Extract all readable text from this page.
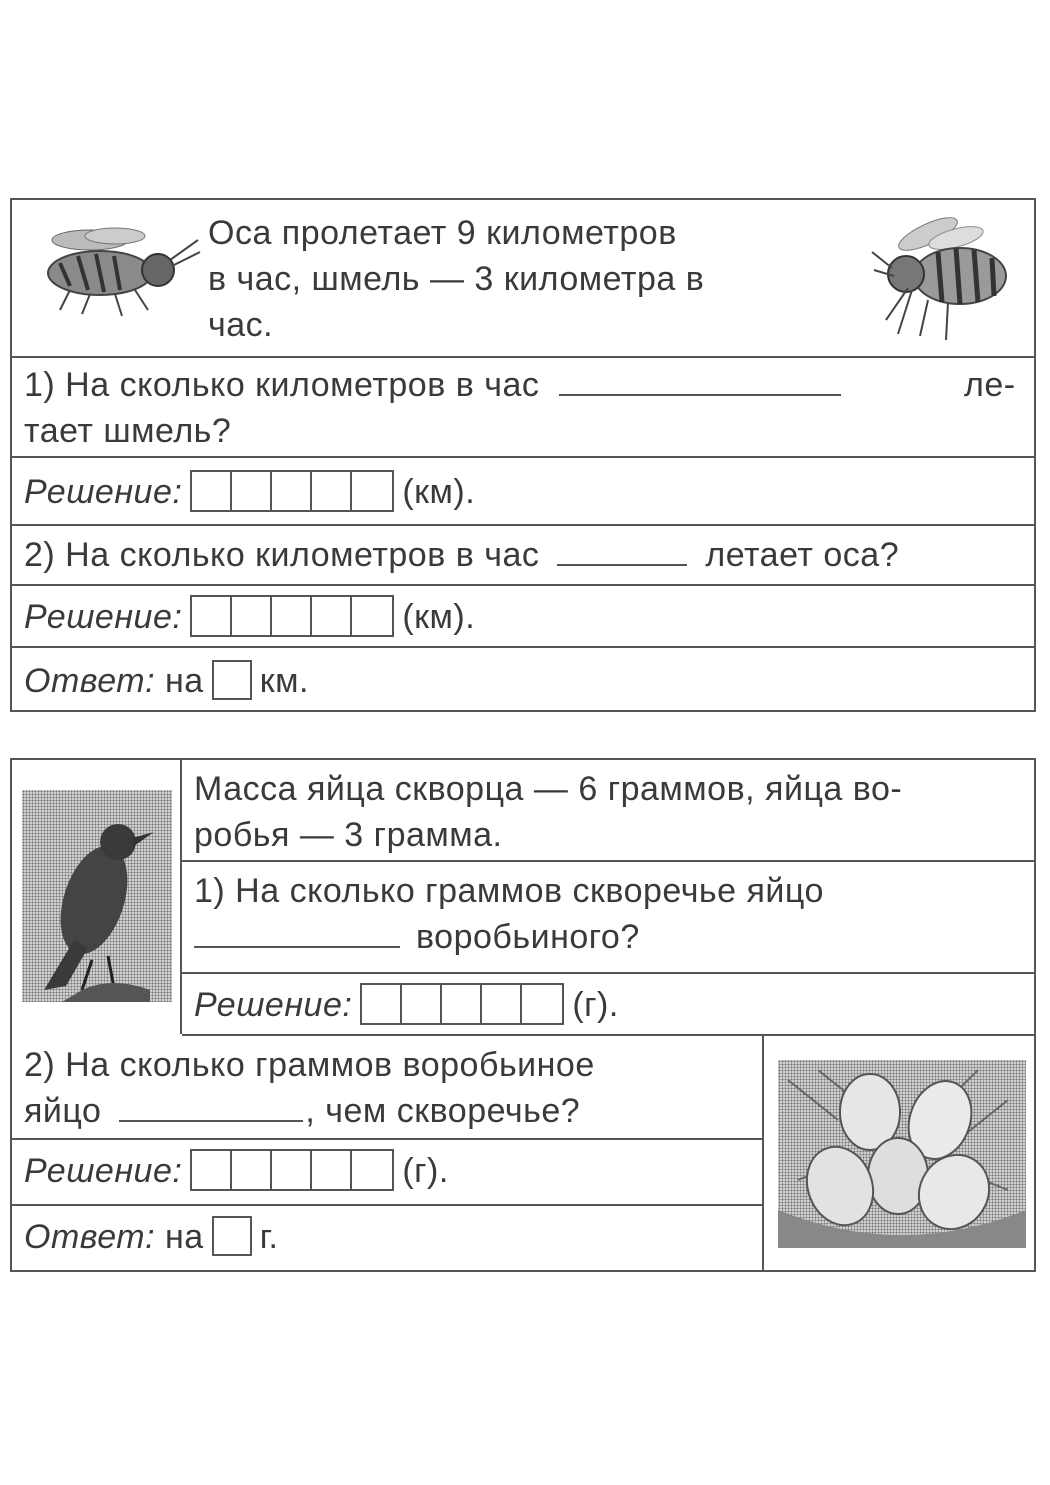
Оса пролетает 9 километров
в час, шмель — 3 километра в
час.
1) На сколько километров в час	ле-
тает шмель?
Решение:	(км).
2) На сколько километров в час	летает оса?
Решение:	(км).
Ответ: на км.
Масса яйца скворца — 6 граммов, яйца во-
робья — 3 грамма.
1) На сколько граммов скворечье яйцо
воробьиного?
Решение:	(г).
2) На сколько граммов воробьиное
яйцо	, чем скворечье?
Решение:	(г).
Ответ: на г.
